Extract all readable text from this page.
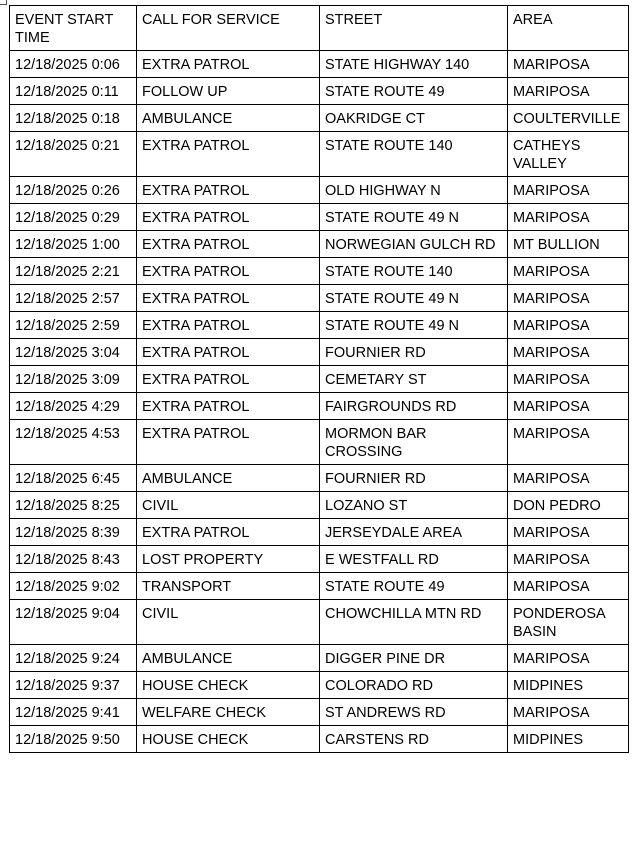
EVENT START TIME	CALL FOR SERVICE	STREET	AREA
12/18/2025 0:06	EXTRA PATROL	STATE HIGHWAY 140	MARIPOSA
12/18/2025 0:11	FOLLOW UP	STATE ROUTE 49	MARIPOSA
12/18/2025 0:18	AMBULANCE	OAKRIDGE CT	COULTERVILLE
12/18/2025 0:21	EXTRA PATROL	STATE ROUTE 140	CATHEYS VALLEY
12/18/2025 0:26	EXTRA PATROL	OLD HIGHWAY N	MARIPOSA
12/18/2025 0:29	EXTRA PATROL	STATE ROUTE 49 N	MARIPOSA
12/18/2025 1:00	EXTRA PATROL	NORWEGIAN GULCH RD	MT BULLION
12/18/2025 2:21	EXTRA PATROL	STATE ROUTE 140	MARIPOSA
12/18/2025 2:57	EXTRA PATROL	STATE ROUTE 49 N	MARIPOSA
12/18/2025 2:59	EXTRA PATROL	STATE ROUTE 49 N	MARIPOSA
12/18/2025 3:04	EXTRA PATROL	FOURNIER RD	MARIPOSA
12/18/2025 3:09	EXTRA PATROL	CEMETARY ST	MARIPOSA
12/18/2025 4:29	EXTRA PATROL	FAIRGROUNDS RD	MARIPOSA
12/18/2025 4:53	EXTRA PATROL	MORMON BAR CROSSING	MARIPOSA
12/18/2025 6:45	AMBULANCE	FOURNIER RD	MARIPOSA
12/18/2025 8:25	CIVIL	LOZANO ST	DON PEDRO
12/18/2025 8:39	EXTRA PATROL	JERSEYDALE AREA	MARIPOSA
12/18/2025 8:43	LOST PROPERTY	E WESTFALL RD	MARIPOSA
12/18/2025 9:02	TRANSPORT	STATE ROUTE 49	MARIPOSA
12/18/2025 9:04	CIVIL	CHOWCHILLA MTN RD	PONDEROSA BASIN
12/18/2025 9:24	AMBULANCE	DIGGER PINE DR	MARIPOSA
12/18/2025 9:37	HOUSE CHECK	COLORADO RD	MIDPINES
12/18/2025 9:41	WELFARE CHECK	ST ANDREWS RD	MARIPOSA
12/18/2025 9:50	HOUSE CHECK	CARSTENS RD	MIDPINES
